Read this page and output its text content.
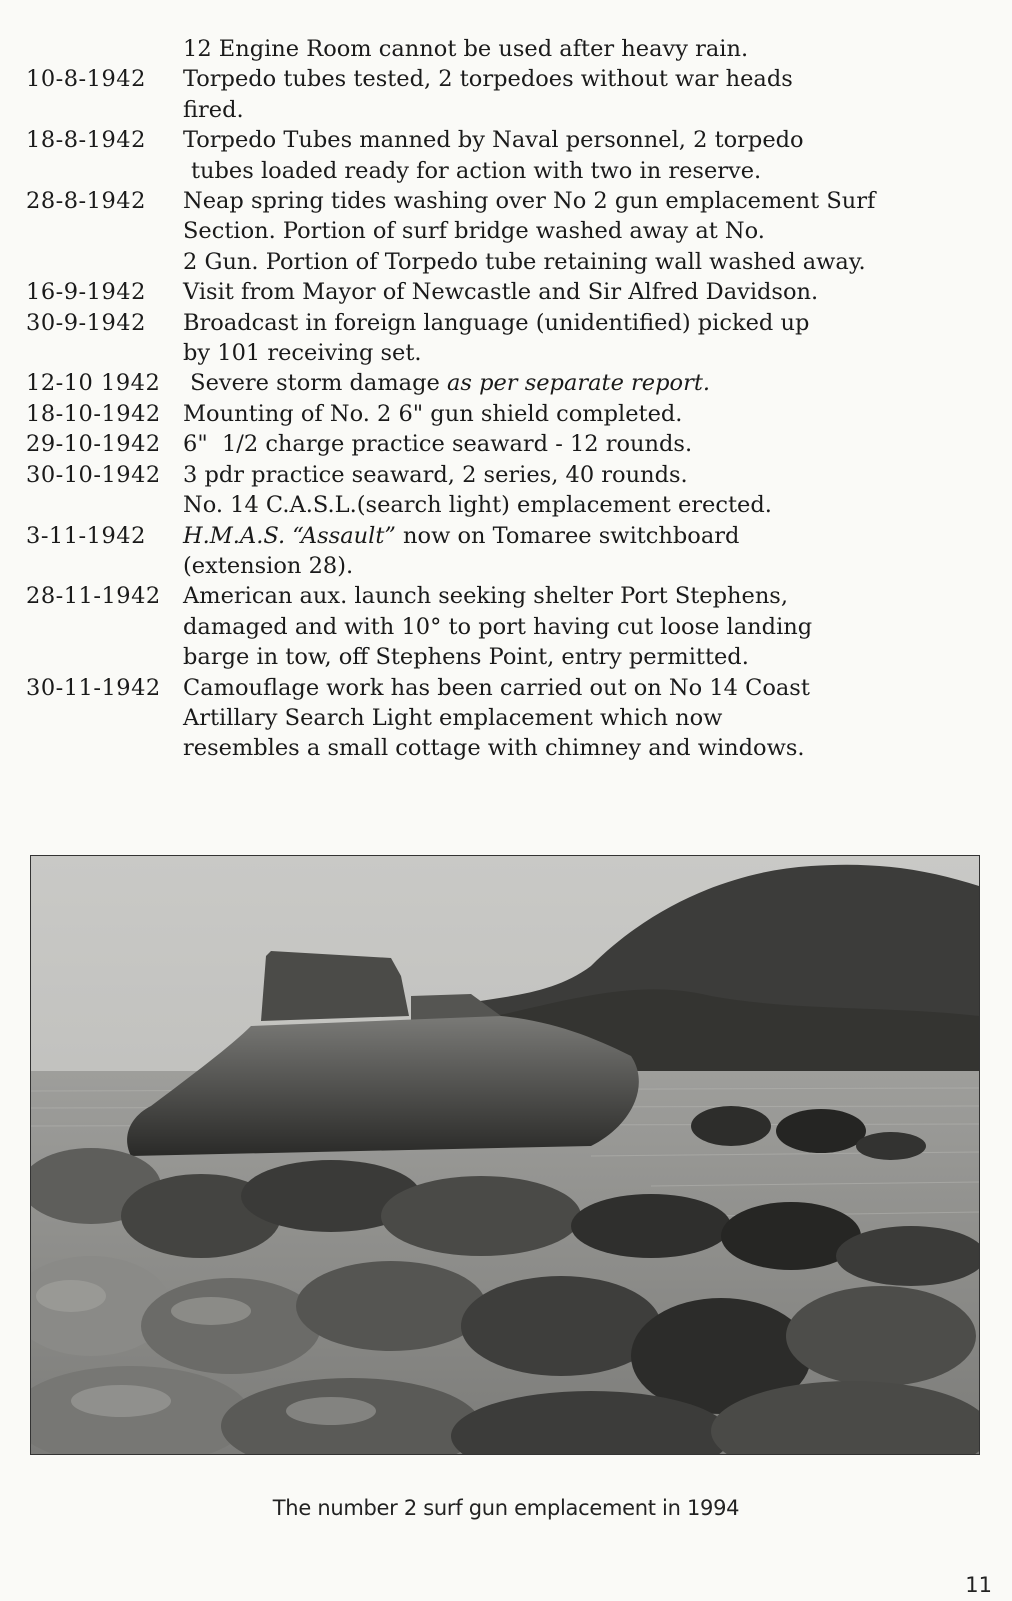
12 Engine Room cannot be used after heavy rain.
10-8-1942	Torpedo tubes tested, 2 torpedoes without war heads
fired.
18-8-1942	Torpedo Tubes manned by Naval personnel, 2 torpedo
tubes loaded ready for action with two in reserve.
28-8-1942	Neap spring tides washing over No 2 gun emplacement Surf
Section. Portion of surf bridge washed away at No.
2 Gun. Portion of Torpedo tube retaining wall washed away.
16-9-1942	Visit from Mayor of Newcastle and Sir Alfred Davidson.
30-9-1942	Broadcast in foreign language (unidentified) picked up
by 101 receiving set.
12-10 1942	Severe storm damage as per separate report.
18-10-1942 Mounting of No. 2 6" gun shield completed.
29-10-1942 6"  1/2 charge practice seaward - 12 rounds.
30-10-1942 3 pdr practice seaward, 2 series, 40 rounds.
No. 14 C.A.S.L.(search light) emplacement erected.
3-11-1942	H.M.A.S. “Assault” now on Tomaree switchboard
(extension 28).
28-11-1942 American aux. launch seeking shelter Port Stephens,
damaged and with 10° to port having cut loose landing
barge in tow, off Stephens Point, entry permitted.
30-11-1942 Camouflage work has been carried out on No 14 Coast
Artillary Search Light emplacement which now
resembles a small cottage with chimney and windows.
The number 2 surf gun emplacement in 1994
11
